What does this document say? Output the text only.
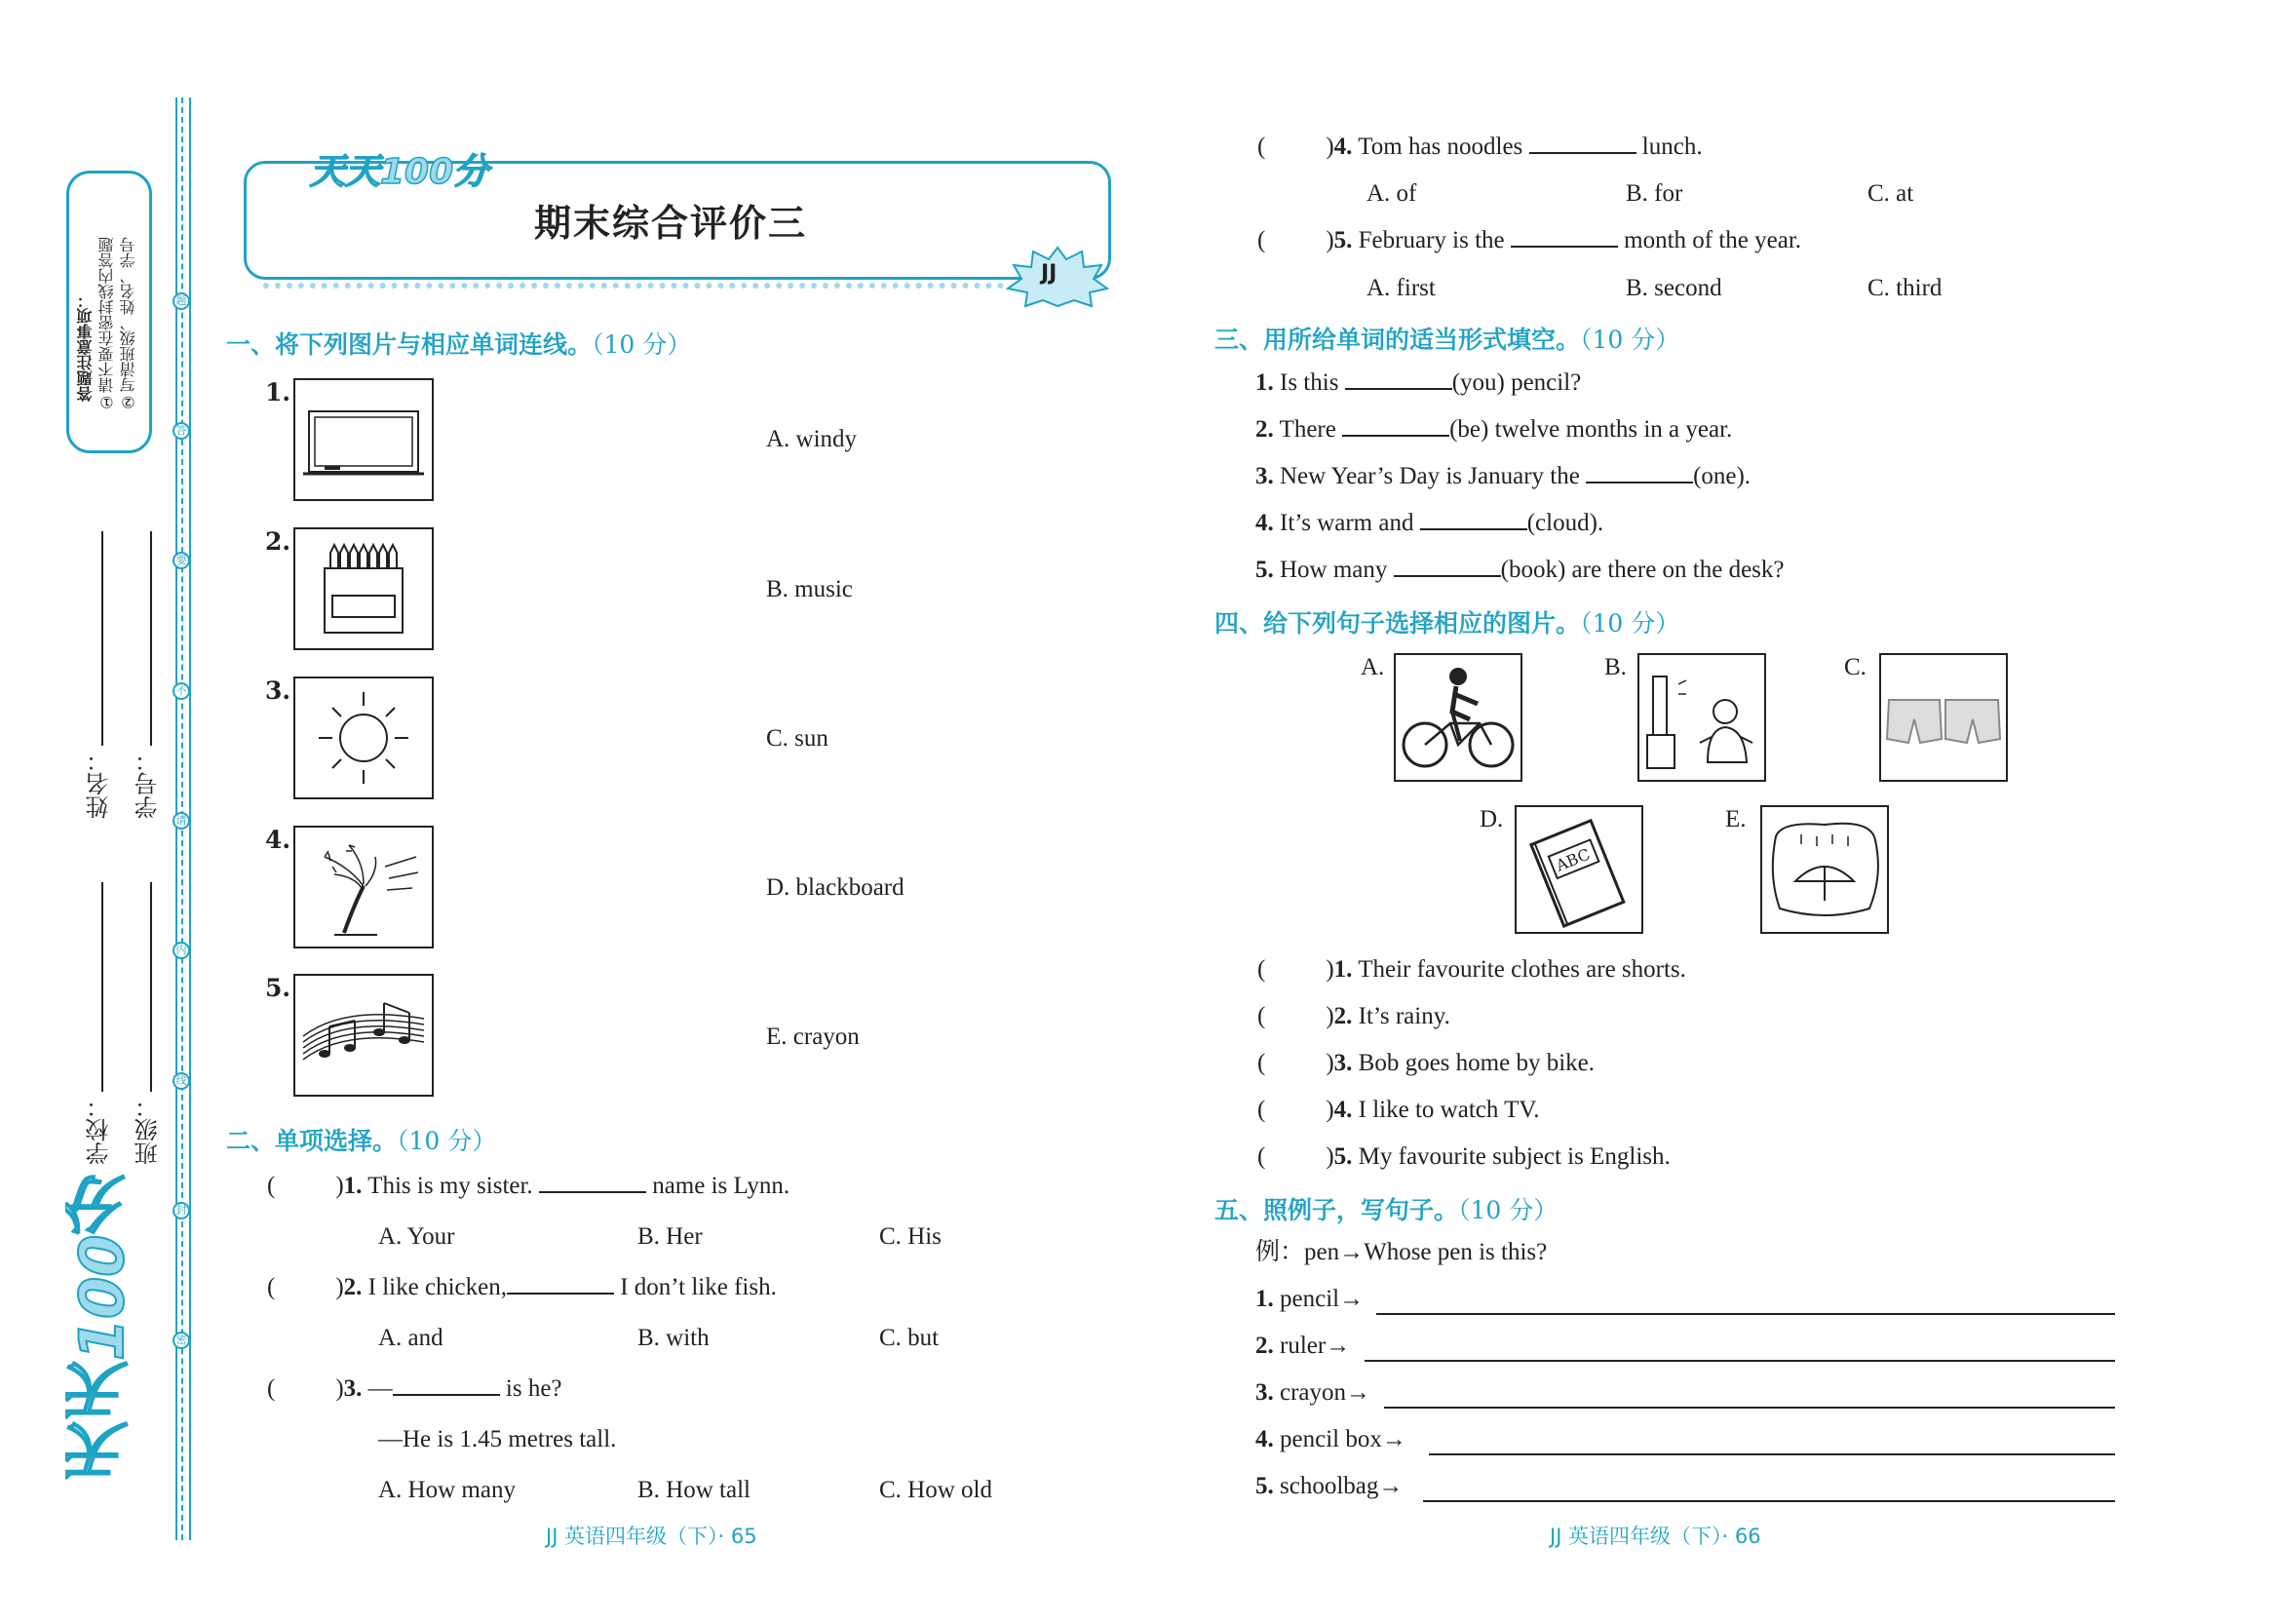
答题注意事项： ①请不要在密封线内答题 ②写清班级、姓名、学号
姓名： 学号：
学校： 班级：
题
答
要
不
请
内
线
封
密
天天100分
天天100分
期末综合评价三
JJ
一、将下列图片与相应单词连线。（10 分）
1.
2.
3.
4.
5.
A. windy
B. music
C. sun
D. blackboard
E. crayon
二、单项选择。（10 分）
( )1. This is my sister.	name is Lynn.
A. Your	B. Her	C. His
( )2. I like chicken,	I don’t like fish.
A. and	B. with	C. but
( )3. —	is he?
—He is 1.45 metres tall.
A. How many	B. How tall	C. How old
JJ 英语四年级（下）· 65
( )4. Tom has noodles	lunch.
A. of	B. for	C. at
( )5. February is the	month of the year.
A. first	B. second	C. third
三、用所给单词的适当形式填空。（10 分）
1. Is this	(you) pencil?
2. There	(be) twelve months in a year.
3. New Year’s Day is January the	(one).
4. It’s warm and	(cloud).
5. How many	(book) are there on the desk?
四、给下列句子选择相应的图片。（10 分）
A.	B.	C.
D.
ABC
E.
( )1. Their favourite clothes are shorts.
( )2. It’s rainy.
( )3. Bob goes home by bike.
( )4. I like to watch TV.
( )5. My favourite subject is English.
五、照例子，写句子。（10 分）
例：pen→Whose pen is this?
1. pencil→
2. ruler→
3. crayon→
4. pencil box→
5. schoolbag→
JJ 英语四年级（下）· 66
